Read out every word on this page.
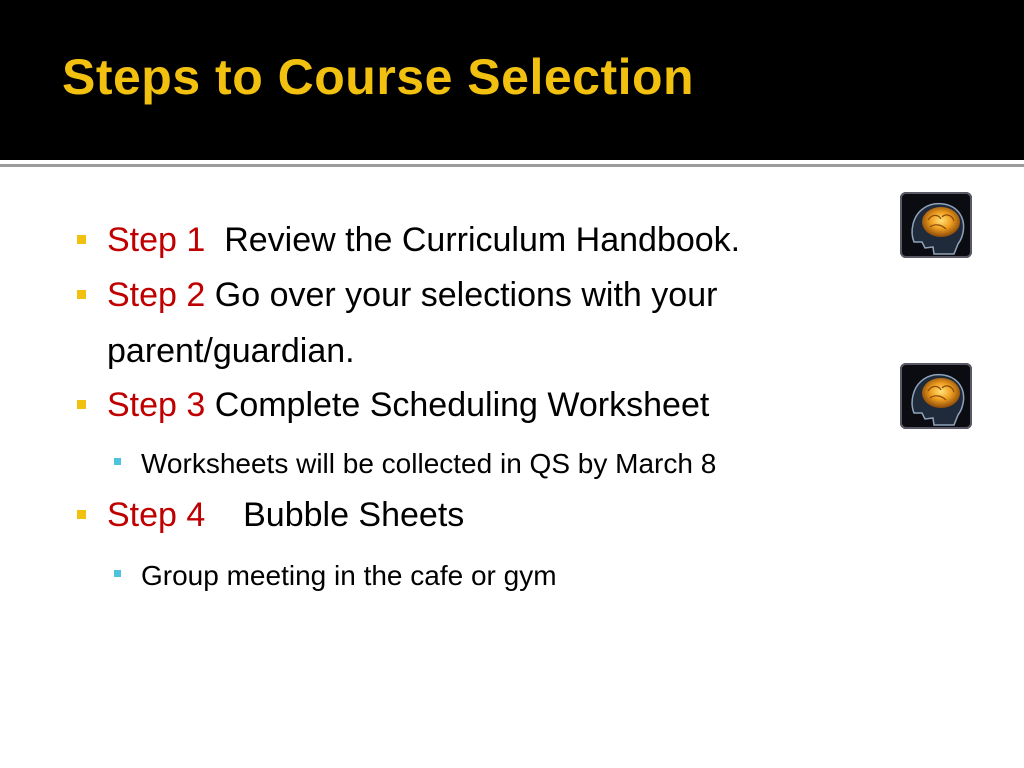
Steps to Course Selection
Step 1 Review the Curriculum Handbook.
Step 2 Go over your selections with your
parent/guardian.
Step 3 Complete Scheduling Worksheet
Worksheets will be collected in QS by March 8
Step 4 Bubble Sheets
Group meeting in the cafe or gym
